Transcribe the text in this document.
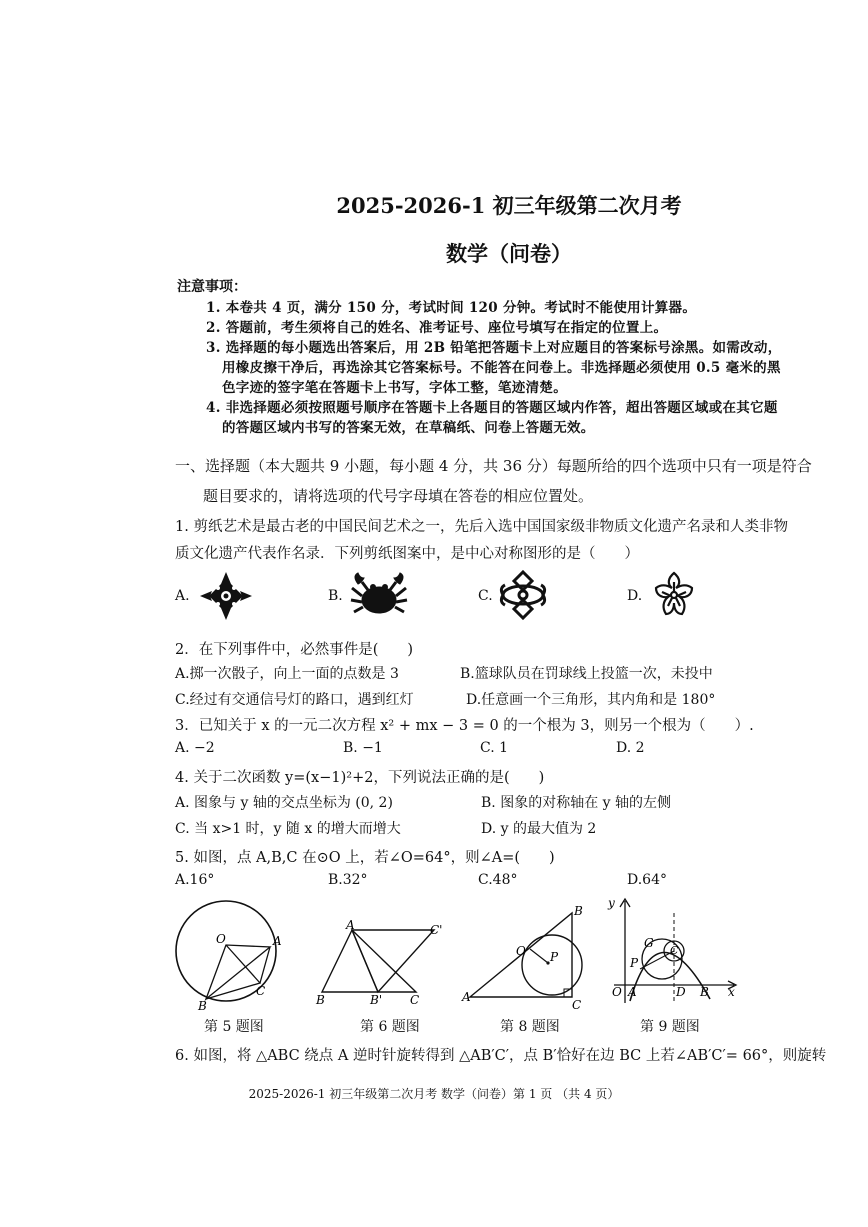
2025-2026-1 初三年级第二次月考
数学（问卷）
注意事项：
1. 本卷共 4 页，满分 150 分，考试时间 120 分钟。考试时不能使用计算器。
2. 答题前，考生须将自己的姓名、准考证号、座位号填写在指定的位置上。
3. 选择题的每小题选出答案后，用 2B 铅笔把答题卡上对应题目的答案标号涂黑。如需改动，
用橡皮擦干净后，再选涂其它答案标号。不能答在问卷上。非选择题必须使用 0.5 毫米的黑
色字迹的签字笔在答题卡上书写，字体工整，笔迹清楚。
4. 非选择题必须按照题号顺序在答题卡上各题目的答题区域内作答，超出答题区域或在其它题
的答题区域内书写的答案无效，在草稿纸、问卷上答题无效。
一、选择题（本大题共 9 小题，每小题 4 分，共 36 分）每题所给的四个选项中只有一项是符合
题目要求的，请将选项的代号字母填在答卷的相应位置处。
1. 剪纸艺术是最古老的中国民间艺术之一，先后入选中国国家级非物质文化遗产名录和人类非物
质文化遗产代表作名录．下列剪纸图案中，是中心对称图形的是（　　）
A.	B.	C.	D.
2．在下列事件中，必然事件是(　　)
A.掷一次骰子，向上一面的点数是 3	B.篮球队员在罚球线上投篮一次，未投中
C.经过有交通信号灯的路口，遇到红灯	D.任意画一个三角形，其内角和是 180°
3．已知关于 x 的一元二次方程 x² + mx − 3 = 0 的一个根为 3，则另一个根为（　　）.
A. −2	B. −1	C. 1	D. 2
4. 关于二次函数 y=(x−1)²+2，下列说法正确的是(　　)
A. 图象与 y 轴的交点坐标为 (0, 2)	B. 图象的对称轴在 y 轴的左侧
C. 当 x>1 时，y 随 x 的增大而增大	D. y 的最大值为 2
5. 如图，点 A,B,C 在⊙O 上，若∠O=64°，则∠A=(　　)
A.16°	B.32°	C.48°	D.64°
O	A
B
C
第 5 题图
A	C'
B	B' C
第 6 题图
B
O P
A
C
第 8 题图
y
G
C
P
O A	D B x
第 9 题图
6. 如图，将 △ABC 绕点 A 逆时针旋转得到 △AB′C′，点 B′恰好在边 BC 上若∠AB′C′= 66°，则旋转
2025-2026-1 初三年级第二次月考 数学（问卷）第 1 页 （共 4 页）
